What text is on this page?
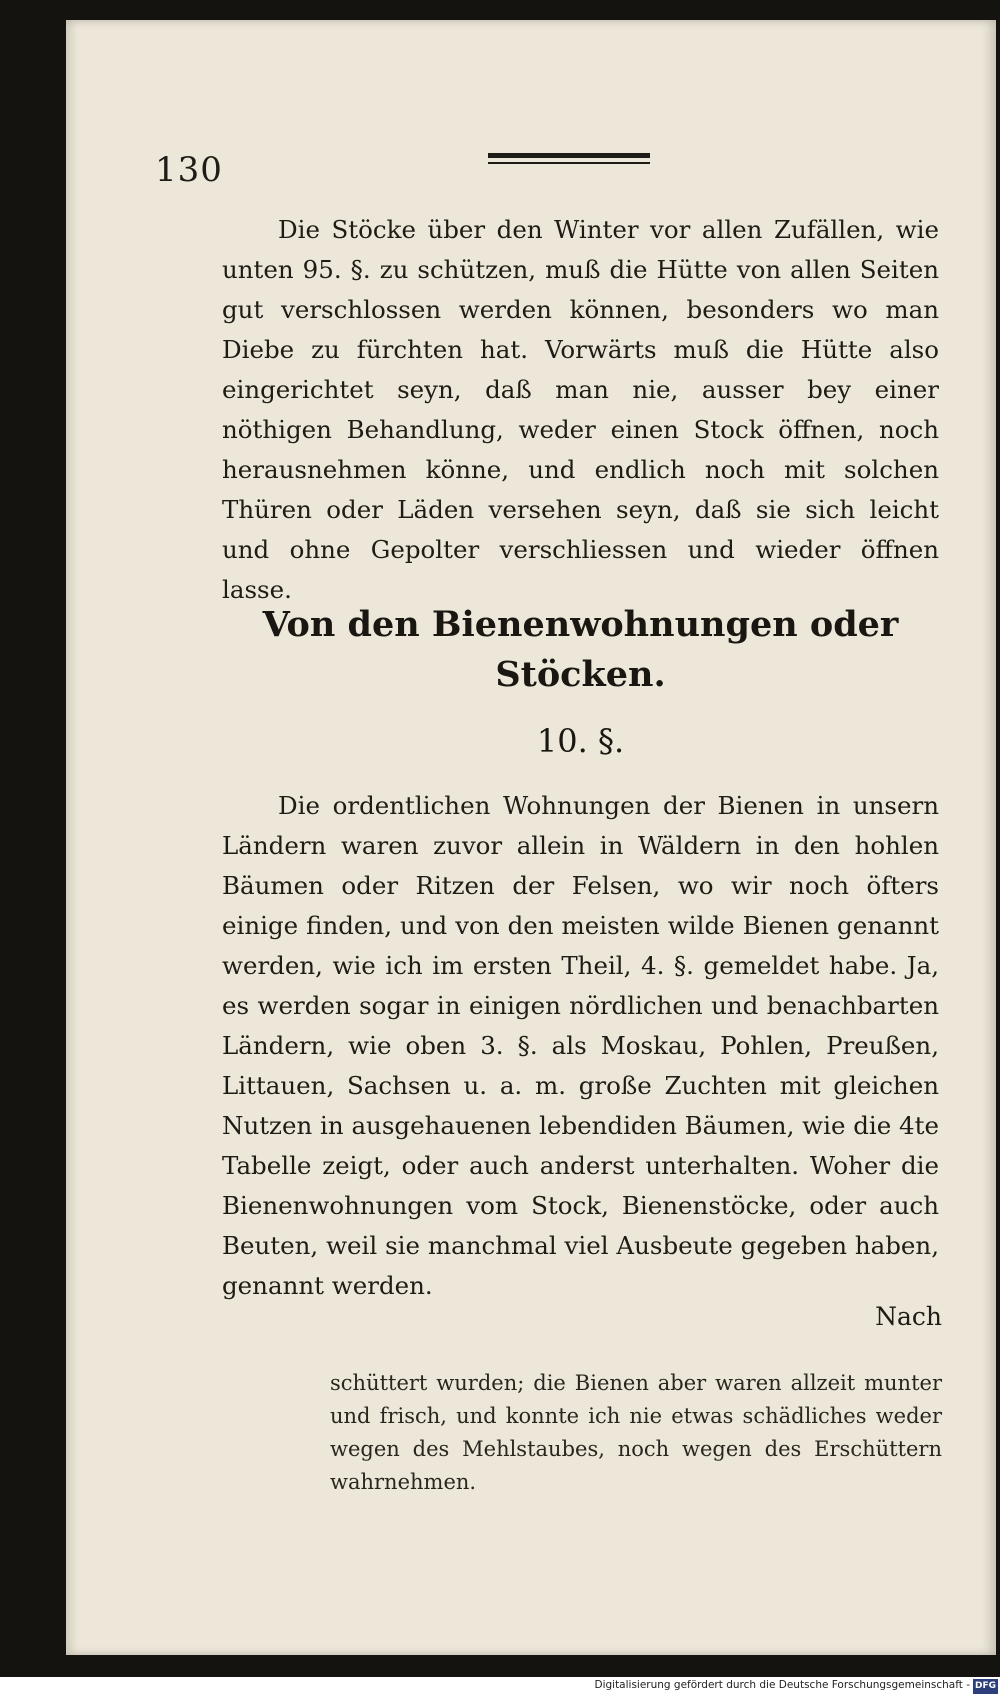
130

Die Stöcke über den Winter vor allen Zufällen, wie unten 95. §. zu schützen, muß die Hütte von allen Seiten gut verschlossen werden können, besonders wo man Diebe zu fürchten hat. Vorwärts muß die Hütte also eingerichtet seyn, daß man nie, ausser bey einer nöthigen Behandlung, weder einen Stock öffnen, noch herausnehmen könne, und endlich noch mit solchen Thüren oder Läden versehen seyn, daß sie sich leicht und ohne Gepolter verschliessen und wieder öffnen lasse.

Von den Bienenwohnungen oder Stöcken.
10. §.

Die ordentlichen Wohnungen der Bienen in unsern Ländern waren zuvor allein in Wäldern in den hohlen Bäumen oder Ritzen der Felsen, wo wir noch öfters einige finden, und von den meisten wilde Bienen genannt werden, wie ich im ersten Theil, 4. §. gemeldet habe. Ja, es werden sogar in einigen nördlichen und benachbarten Ländern, wie oben 3. §. als Moskau, Pohlen, Preußen, Littauen, Sachsen u. a. m. große Zuchten mit gleichen Nutzen in ausgehauenen lebendiden Bäumen, wie die 4te Tabelle zeigt, oder auch anderst unterhalten. Woher die Bienenwohnungen vom Stock, Bienenstöcke, oder auch Beuten, weil sie manchmal viel Ausbeute gegeben haben, genannt werden.

Nach

schüttert wurden; die Bienen aber waren allzeit munter und frisch, und konnte ich nie etwas schädliches weder wegen des Mehlstaubes, noch wegen des Erschüttern wahrnehmen.

Digitalisierung gefördert durch die Deutsche Forschungsgemeinschaft - DFG
